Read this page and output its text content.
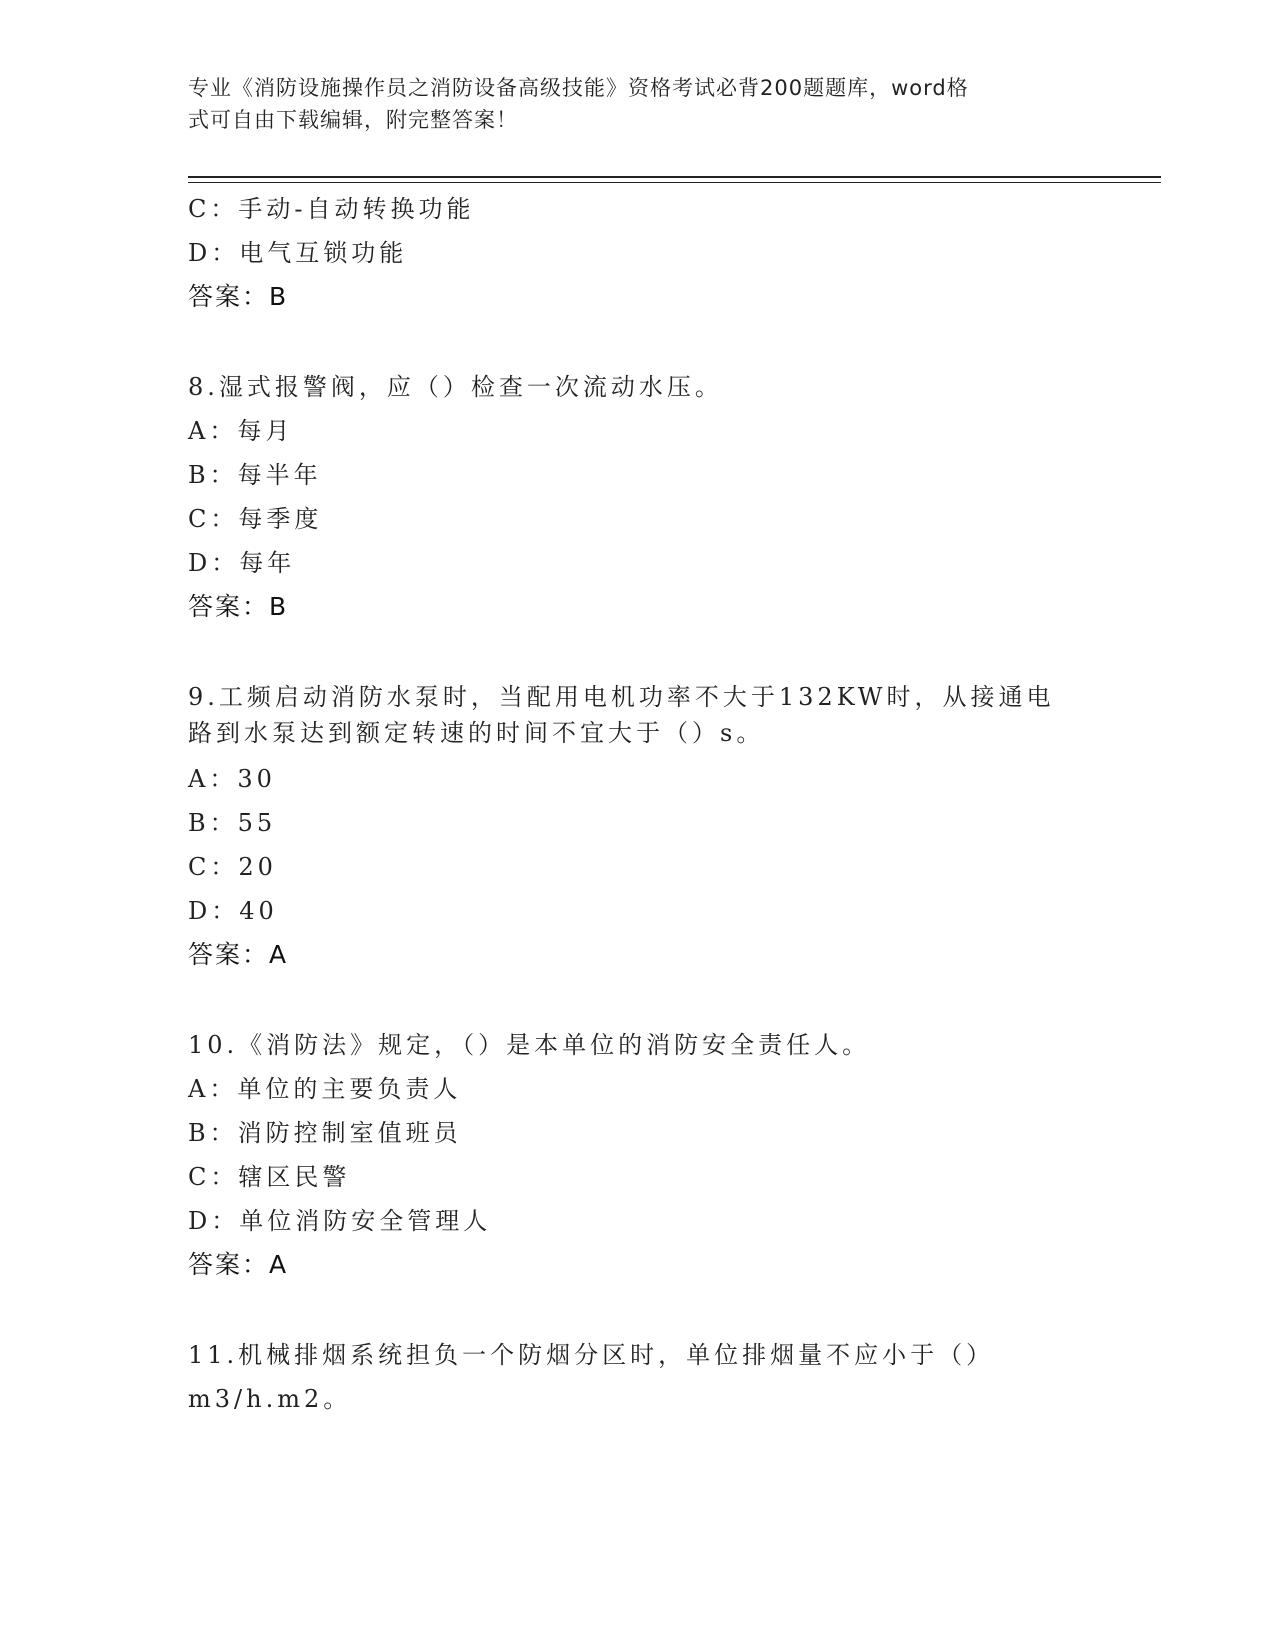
专业《消防设施操作员之消防设备高级技能》资格考试必背200题题库，word格
式可自由下载编辑，附完整答案！
C：手动-自动转换功能
D：电气互锁功能
答案：B
8.湿式报警阀，应（）检查一次流动水压。
A：每月
B：每半年
C：每季度
D：每年
答案：B
9.工频启动消防水泵时，当配用电机功率不大于132KW时，从接通电
路到水泵达到额定转速的时间不宜大于（）s。
A：30
B：55
C：20
D：40
答案：A
10.《消防法》规定，（）是本单位的消防安全责任人。
A：单位的主要负责人
B：消防控制室值班员
C：辖区民警
D：单位消防安全管理人
答案：A
11.机械排烟系统担负一个防烟分区时，单位排烟量不应小于（）
m3/h.m2。
